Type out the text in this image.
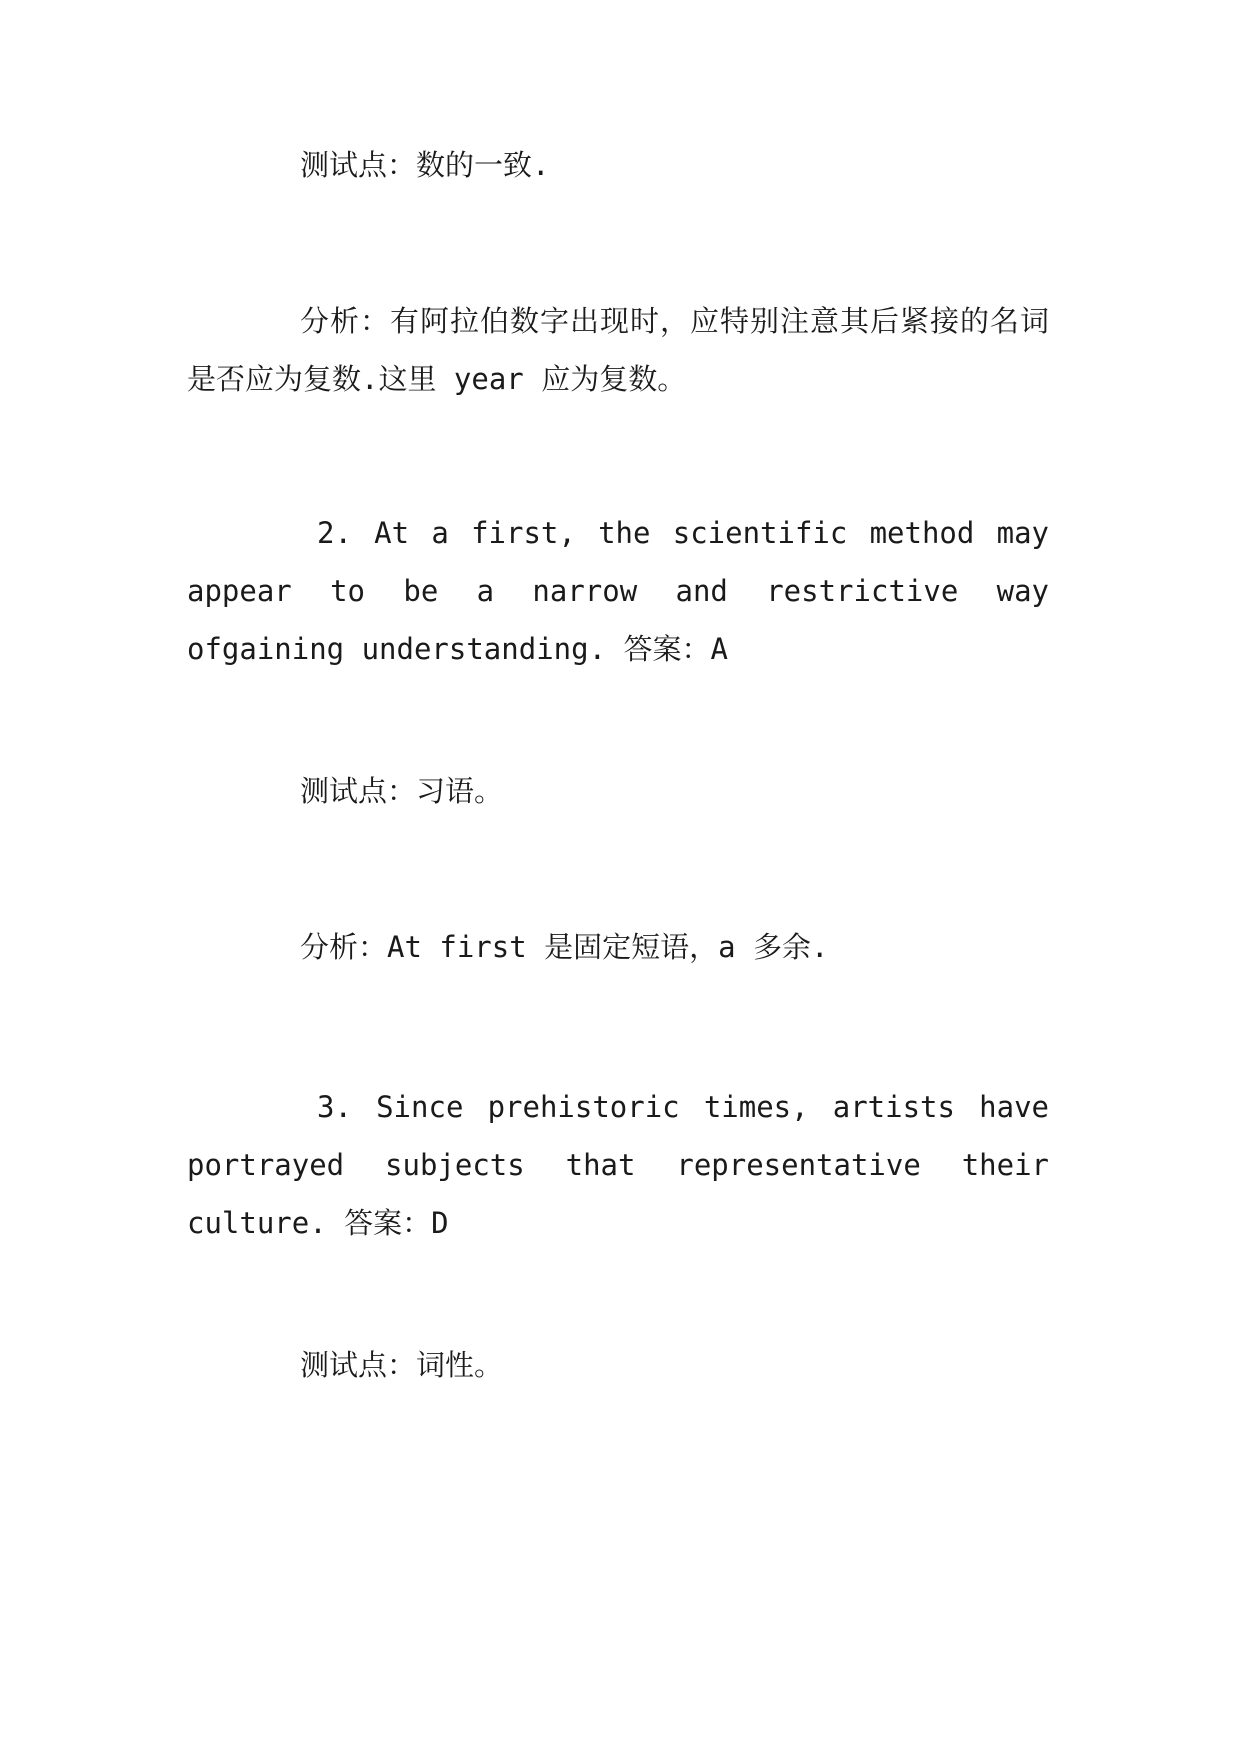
测试点：数的一致.

分析：有阿拉伯数字出现时，应特别注意其后紧接的名词是否应为复数.这里 year 应为复数。

2. At a first, the scientific method may appear to be a narrow and restrictive way ofgaining understanding. 答案：A

测试点：习语。

分析：At first 是固定短语，a 多余.

3. Since prehistoric times, artists have portrayed subjects that representative their culture. 答案：D

测试点：词性。
